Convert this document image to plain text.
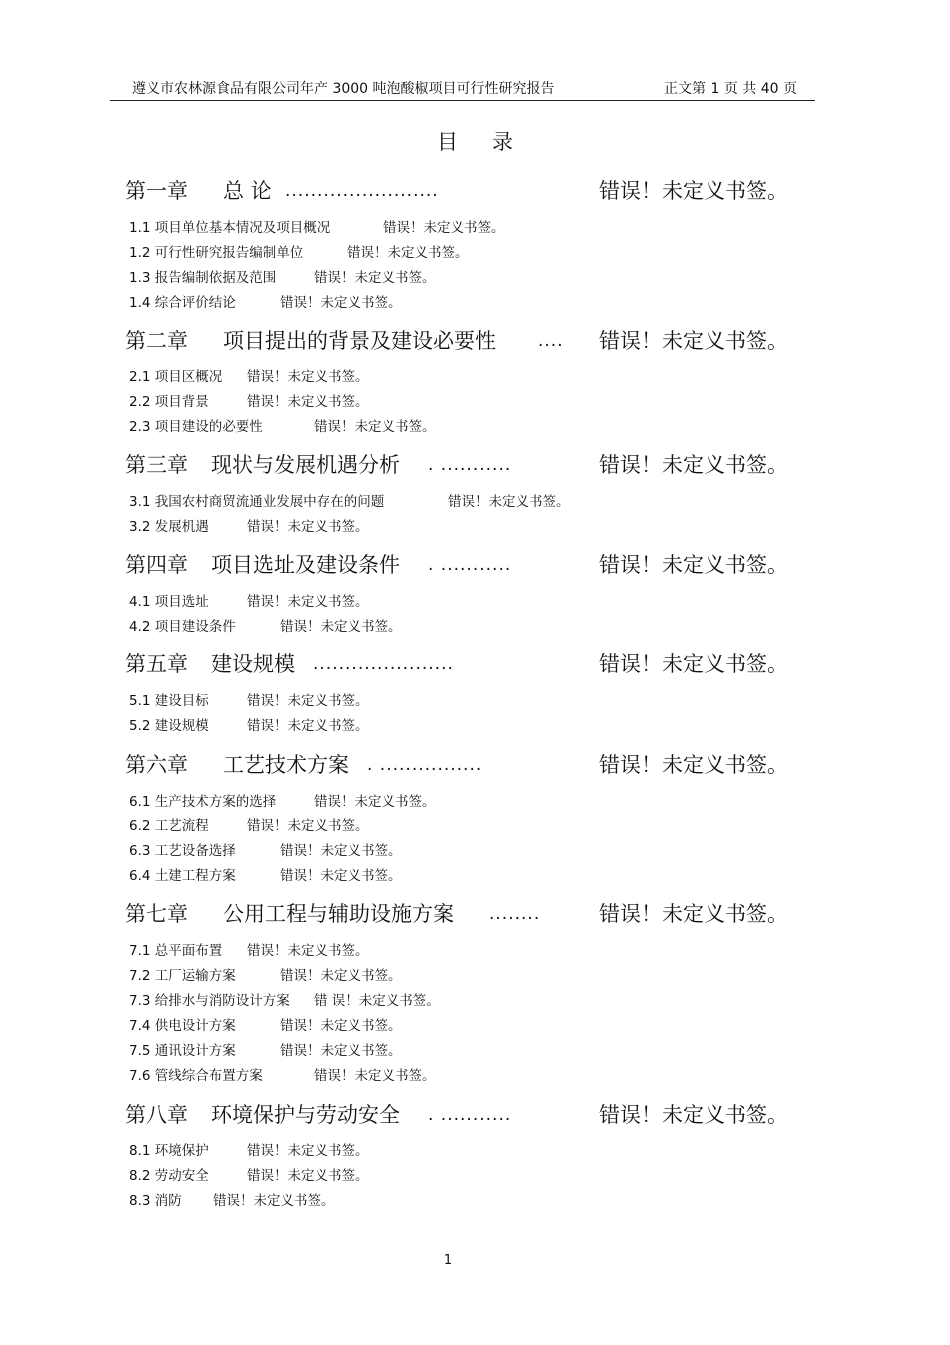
遵义市农林源食品有限公司年产 3000 吨泡酸椒项目可行性研究报告	正文第 1 页 共 40 页
目录
第一章 总 论 ........................	错误！未定义书签。
1.1 项目单位基本情况及项目概况	错误！未定义书签。
1.2 可行性研究报告编制单位	错误！未定义书签。
1.3 报告编制依据及范围	错误！未定义书签。
1.4 综合评价结论	错误！未定义书签。
第二章 项目提出的背景及建设必要性 .... 错误！未定义书签。
2.1 项目区概况 错误！未定义书签。
2.2 项目背景	错误！未定义书签。
2.3 项目建设的必要性	错误！未定义书签。
第三章 现状与发展机遇分析 . ...........	错误！未定义书签。
3.1 我国农村商贸流通业发展中存在的问题	错误！未定义书签。
3.2 发展机遇	错误！未定义书签。
第四章 项目选址及建设条件 . ...........	错误！未定义书签。
4.1 项目选址	错误！未定义书签。
4.2 项目建设条件	错误！未定义书签。
第五章 建设规模 ......................	错误！未定义书签。
5.1 建设目标	错误！未定义书签。
5.2 建设规模	错误！未定义书签。
第六章 工艺技术方案 . ................	错误！未定义书签。
6.1 生产技术方案的选择	错误！未定义书签。
6.2 工艺流程	错误！未定义书签。
6.3 工艺设备选择	错误！未定义书签。
6.4 土建工程方案	错误！未定义书签。
第七章 公用工程与辅助设施方案 ........	错误！未定义书签。
7.1 总平面布置 错误！未定义书签。
7.2 工厂运输方案	错误！未定义书签。
7.3 给排水与消防设计方案 错 误！未定义书签。
7.4 供电设计方案	错误！未定义书签。
7.5 通讯设计方案	错误！未定义书签。
7.6 管线综合布置方案	错误！未定义书签。
第八章 环境保护与劳动安全 . ...........	错误！未定义书签。
8.1 环境保护	错误！未定义书签。
8.2 劳动安全	错误！未定义书签。
8.3 消防 错误！未定义书签。
1
